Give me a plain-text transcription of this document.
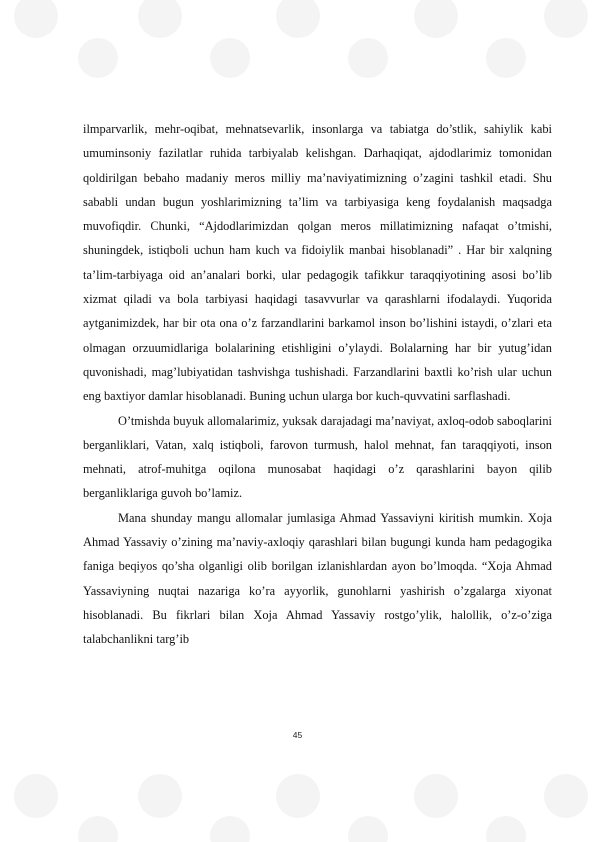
ilmparvarlik, mehr-oqibat, mehnatsevarlik, insonlarga va tabiatga do’stlik, sahiylik kabi umuminsoniy fazilatlar ruhida tarbiyalab kelishgan. Darhaqiqat, ajdodlarimiz tomonidan qoldirilgan bebaho madaniy meros milliy ma’naviyatimizning o’zagini tashkil etadi. Shu sababli undan bugun yoshlarimizning ta’lim va tarbiyasiga keng foydalanish maqsadga muvofiqdir. Chunki, “Ajdodlarimizdan qolgan meros millatimizning nafaqat o’tmishi, shuningdek, istiqboli uchun ham kuch va fidoiylik manbai hisoblanadi” . Har bir xalqning ta’lim-tarbiyaga oid an’analari borki, ular pedagogik tafikkur taraqqiyotining asosi bo’lib xizmat qiladi va bola tarbiyasi haqidagi tasavvurlar va qarashlarni ifodalaydi. Yuqorida aytganimizdek, har bir ota ona o’z farzandlarini barkamol inson bo’lishini istaydi, o’zlari eta olmagan orzuumidlariga bolalarining etishligini o’ylaydi. Bolalarning har bir yutug’idan quvonishadi, mag’lubiyatidan tashvishga tushishadi. Farzandlarini baxtli ko’rish ular uchun eng baxtiyor damlar hisoblanadi. Buning uchun ularga bor kuch-quvvatini sarflashadi.

O’tmishda buyuk allomalarimiz, yuksak darajadagi ma’naviyat, axloq-odob saboqlarini berganliklari, Vatan, xalq istiqboli, farovon turmush, halol mehnat, fan taraqqiyoti, inson mehnati, atrof-muhitga oqilona munosabat haqidagi o’z qarashlarini bayon qilib berganliklariga guvoh bo’lamiz.

Mana shunday mangu allomalar jumlasiga Ahmad Yassaviyni kiritish mumkin. Xoja Ahmad Yassaviy o’zining ma’naviy-axloqiy qarashlari bilan bugungi kunda ham pedagogika faniga beqiyos qo’sha olganligi olib borilgan izlanishlardan ayon bo’lmoqda. “Xoja Ahmad Yassaviyning nuqtai nazariga ko’ra ayyorlik, gunohlarni yashirish o’zgalarga xiyonat hisoblanadi. Bu fikrlari bilan Xoja Ahmad Yassaviy rostgo’ylik, halollik, o’z-o’ziga talabchanlikni targ’ib

45
